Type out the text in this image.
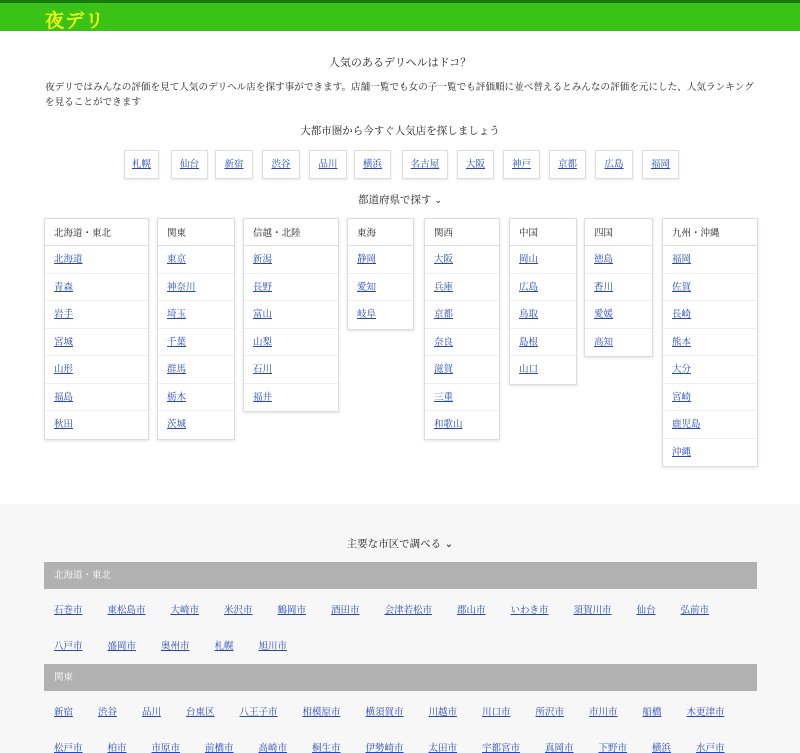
夜デリ
人気のあるデリヘルはドコ？
夜デリではみんなの評価を見て人気のデリヘル店を探す事ができます。店舗一覧でも女の子一覧でも評価順に並べ替えるとみんなの評価を元にした、人気ランキングを見ることができます
大都市圏から今すぐ人気店を探しましょう
札幌	仙台	新宿	渋谷	品川	横浜	名古屋	大阪	神戸	京都	広島	福岡
都道府県で探す ⌄
北海道・東北
北海道
青森
岩手
宮城
山形
福島
秋田
関東
東京
神奈川
埼玉
千葉
群馬
栃木
茨城
信越・北陸
新潟
長野
富山
山梨
石川
福井
東海
静岡
愛知
岐阜
関西
大阪
兵庫
京都
奈良
滋賀
三重
和歌山
中国
岡山
広島
鳥取
島根
山口
四国
徳島
香川
愛媛
高知
九州・沖縄
福岡
佐賀
長崎
熊本
大分
宮崎
鹿児島
沖縄
主要な市区で調べる ⌄
北海道・東北
石巻市	東松島市	大崎市	米沢市	鶴岡市	酒田市	会津若松市	郡山市	いわき市	須賀川市	仙台	弘前市
八戸市	盛岡市	奥州市	札幌	旭川市
関東
新宿	渋谷	品川	台東区	八王子市	相模原市	横須賀市	川越市	川口市	所沢市	市川市	船橋	木更津市
松戸市	柏市	市原市	前橋市	高崎市	桐生市	伊勢崎市	太田市	宇都宮市	真岡市	下野市	横浜	水戸市
